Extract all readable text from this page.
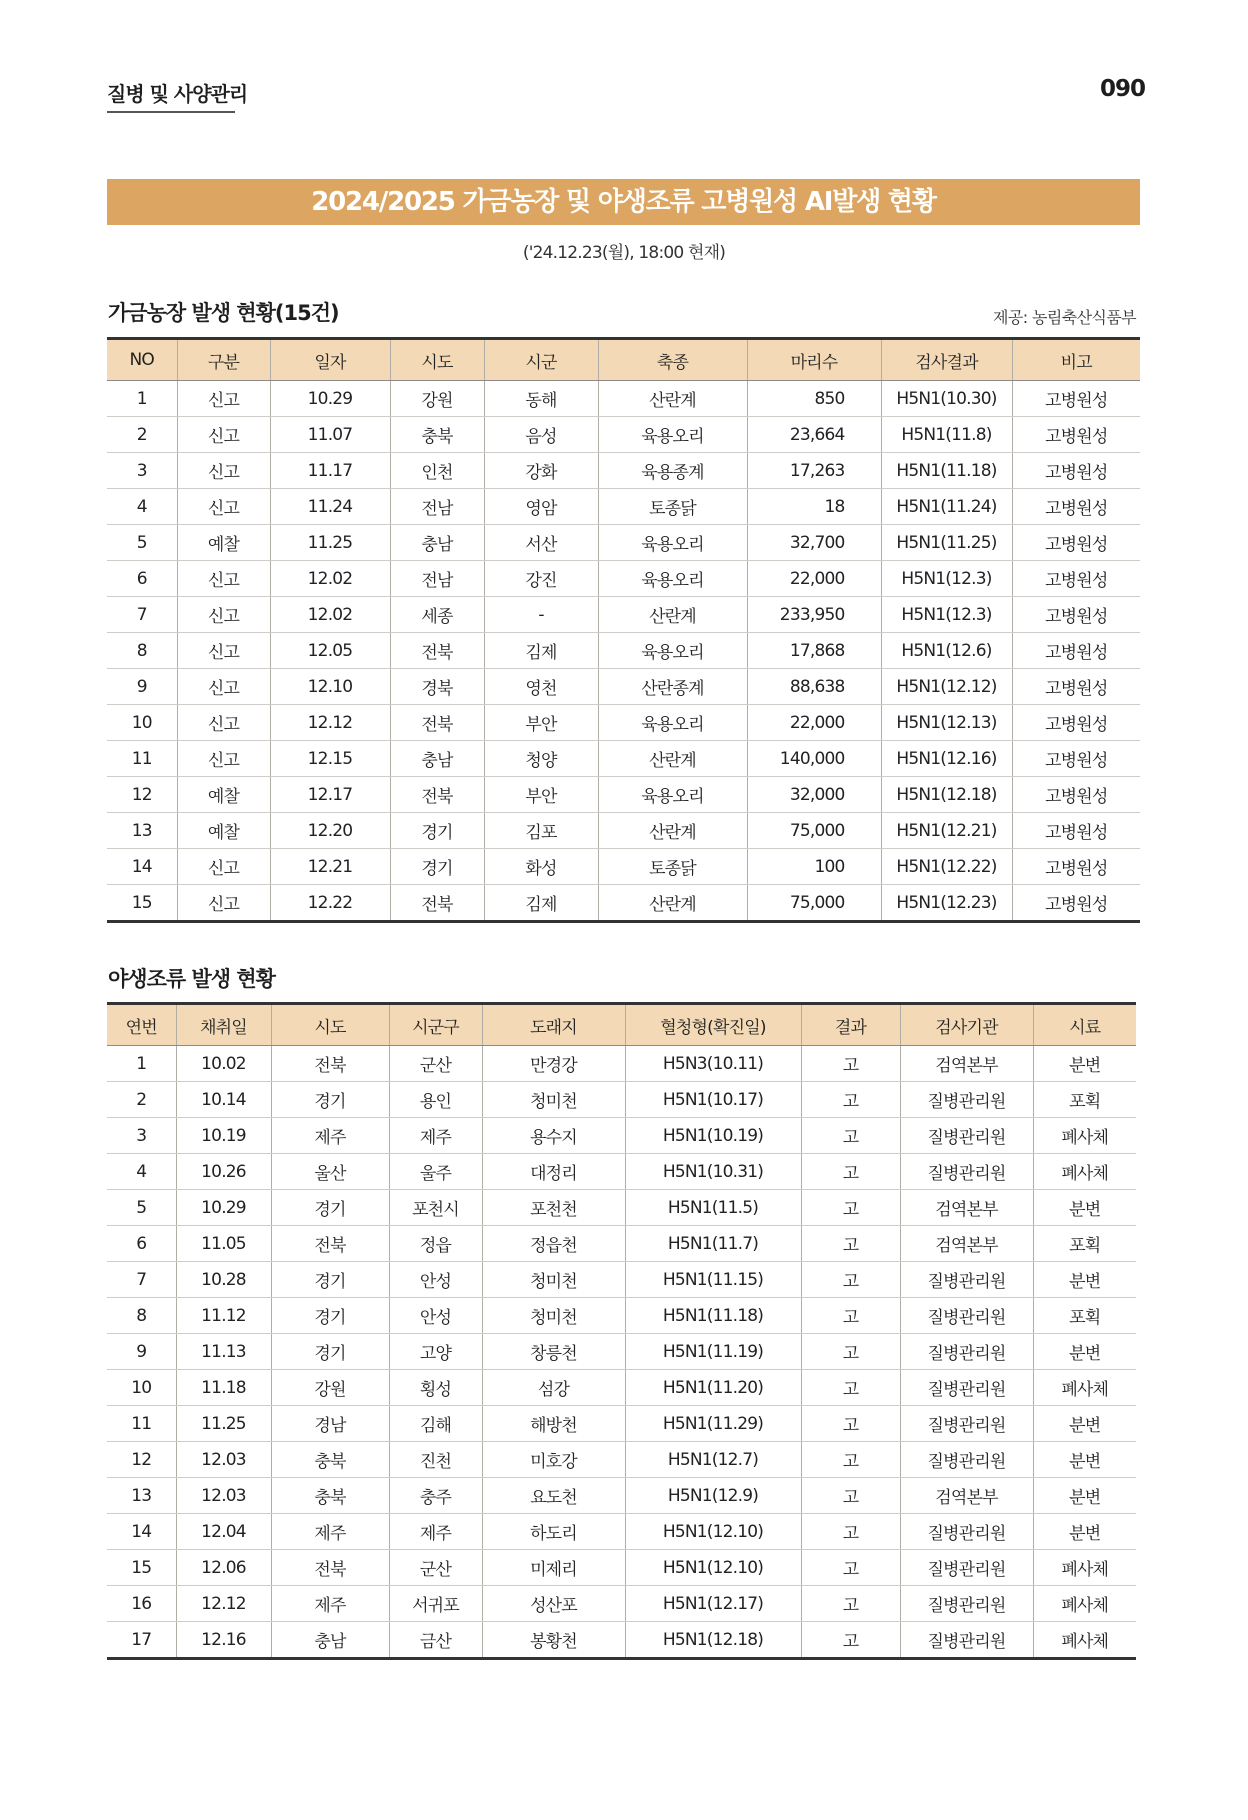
질병 및 사양관리	090
2024/2025 가금농장 및 야생조류 고병원성 AI발생 현황
('24.12.23(월), 18:00 현재)
가금농장 발생 현황(15건)	제공: 농림축산식품부
NO	구분	일자	시도	시군	축종	마리수	검사결과	비고
1	신고	10.29	강원	동해	산란계	850	H5N1(10.30)	고병원성
2	신고	11.07	충북	음성	육용오리	23,664	H5N1(11.8)	고병원성
3	신고	11.17	인천	강화	육용종계	17,263	H5N1(11.18)	고병원성
4	신고	11.24	전남	영암	토종닭	18	H5N1(11.24)	고병원성
5	예찰	11.25	충남	서산	육용오리	32,700	H5N1(11.25)	고병원성
6	신고	12.02	전남	강진	육용오리	22,000	H5N1(12.3)	고병원성
7	신고	12.02	세종	-	산란계	233,950	H5N1(12.3)	고병원성
8	신고	12.05	전북	김제	육용오리	17,868	H5N1(12.6)	고병원성
9	신고	12.10	경북	영천	산란종계	88,638	H5N1(12.12)	고병원성
10	신고	12.12	전북	부안	육용오리	22,000	H5N1(12.13)	고병원성
11	신고	12.15	충남	청양	산란계	140,000	H5N1(12.16)	고병원성
12	예찰	12.17	전북	부안	육용오리	32,000	H5N1(12.18)	고병원성
13	예찰	12.20	경기	김포	산란계	75,000	H5N1(12.21)	고병원성
14	신고	12.21	경기	화성	토종닭	100	H5N1(12.22)	고병원성
15	신고	12.22	전북	김제	산란계	75,000	H5N1(12.23)	고병원성
야생조류 발생 현황
연번	채취일	시도	시군구	도래지	혈청형(확진일)	결과	검사기관	시료
1	10.02	전북	군산	만경강	H5N3(10.11)	고	검역본부	분변
2	10.14	경기	용인	청미천	H5N1(10.17)	고	질병관리원	포획
3	10.19	제주	제주	용수지	H5N1(10.19)	고	질병관리원	폐사체
4	10.26	울산	울주	대정리	H5N1(10.31)	고	질병관리원	폐사체
5	10.29	경기	포천시	포천천	H5N1(11.5)	고	검역본부	분변
6	11.05	전북	정읍	정읍천	H5N1(11.7)	고	검역본부	포획
7	10.28	경기	안성	청미천	H5N1(11.15)	고	질병관리원	분변
8	11.12	경기	안성	청미천	H5N1(11.18)	고	질병관리원	포획
9	11.13	경기	고양	창릉천	H5N1(11.19)	고	질병관리원	분변
10	11.18	강원	횡성	섬강	H5N1(11.20)	고	질병관리원	폐사체
11	11.25	경남	김해	해방천	H5N1(11.29)	고	질병관리원	분변
12	12.03	충북	진천	미호강	H5N1(12.7)	고	질병관리원	분변
13	12.03	충북	충주	요도천	H5N1(12.9)	고	검역본부	분변
14	12.04	제주	제주	하도리	H5N1(12.10)	고	질병관리원	분변
15	12.06	전북	군산	미제리	H5N1(12.10)	고	질병관리원	폐사체
16	12.12	제주	서귀포	성산포	H5N1(12.17)	고	질병관리원	폐사체
17	12.16	충남	금산	봉황천	H5N1(12.18)	고	질병관리원	폐사체
